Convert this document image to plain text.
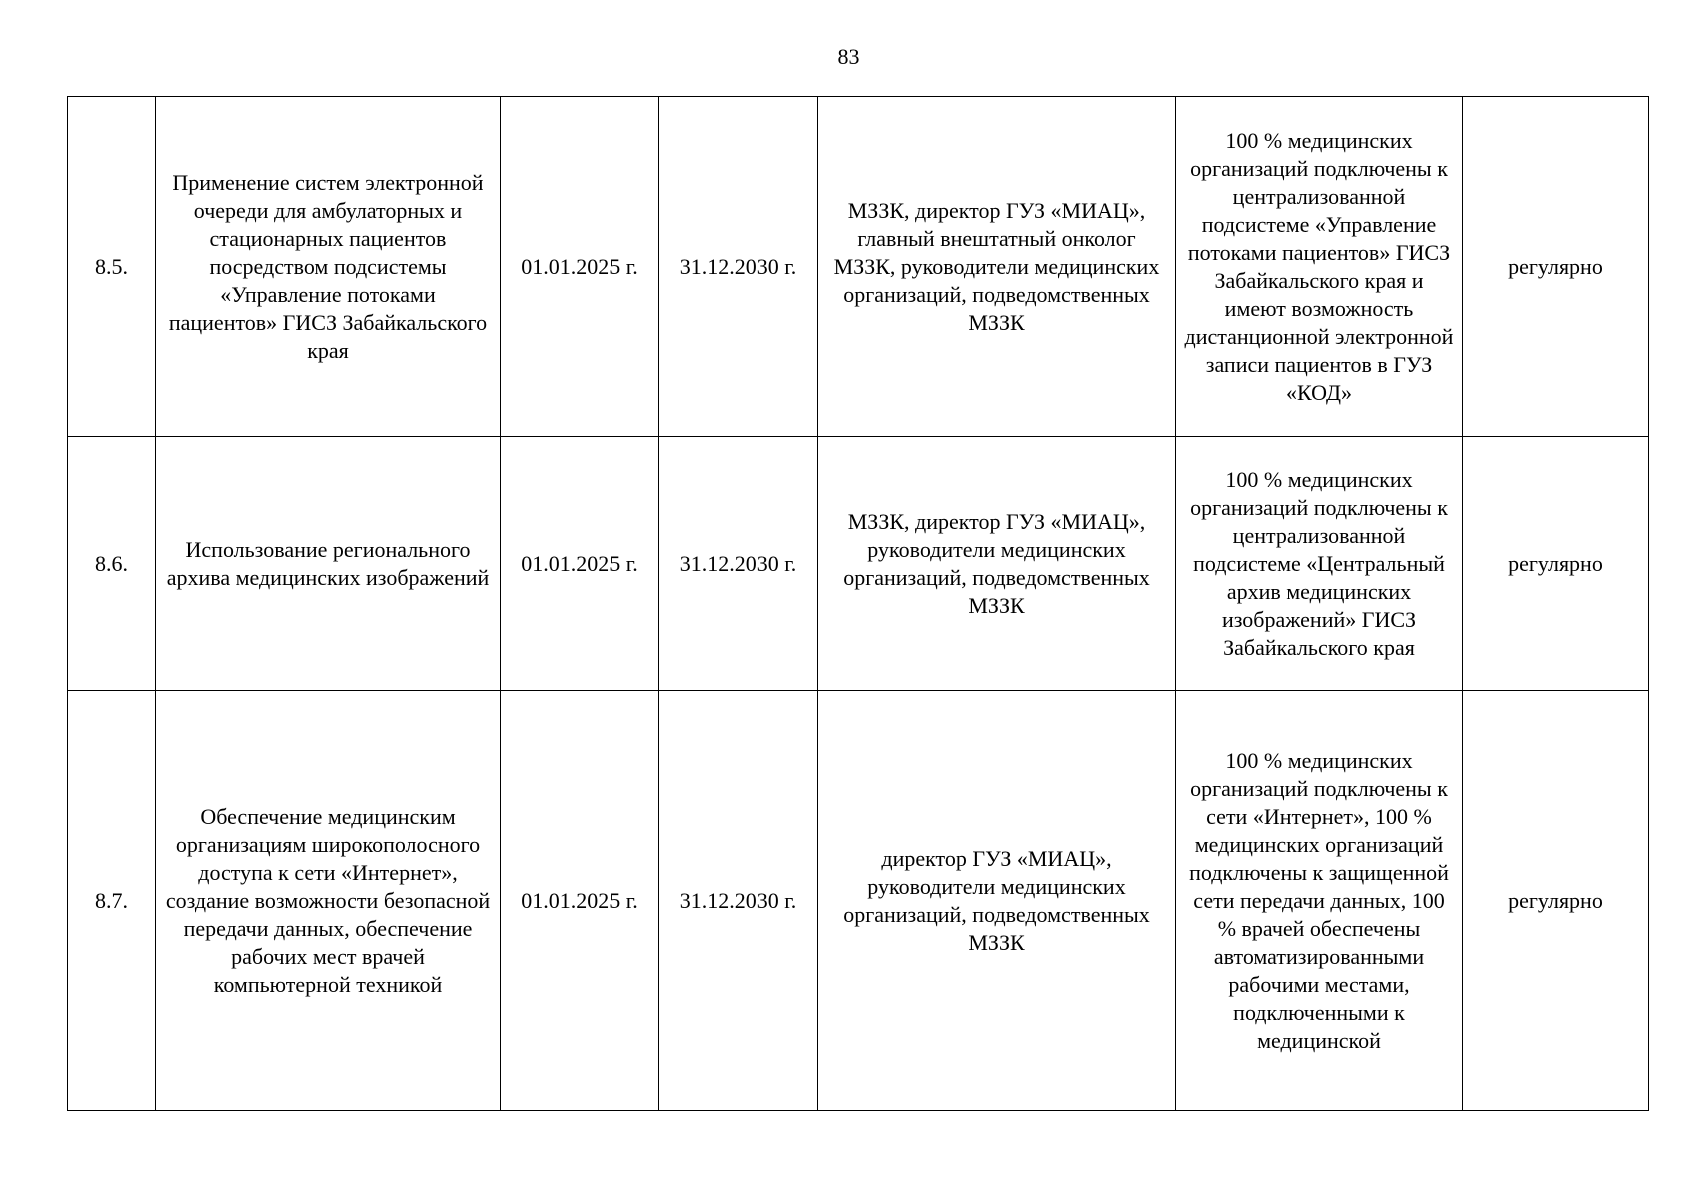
83
8.5.	Применение систем электронной очереди для амбулаторных и стационарных пациентов посредством подсистемы «Управление потоками пациентов» ГИСЗ Забайкальского края	01.01.2025 г.	31.12.2030 г.	МЗЗК, директор ГУЗ «МИАЦ», главный внештатный онколог МЗЗК, руководители медицинских организаций, подведомственных МЗЗК	100 % медицинских организаций подключены к централизованной подсистеме «Управление потоками пациентов» ГИСЗ Забайкальского края и имеют возможность дистанционной электронной записи пациентов в ГУЗ «КОД»	регулярно
8.6.	Использование регионального архива медицинских изображений	01.01.2025 г.	31.12.2030 г.	МЗЗК, директор ГУЗ «МИАЦ», руководители медицинских организаций, подведомственных МЗЗК	100 % медицинских организаций подключены к централизованной подсистеме «Центральный архив медицинских изображений» ГИСЗ Забайкальского края	регулярно
8.7.	Обеспечение медицинским организациям широкополосного доступа к сети «Интернет», создание возможности безопасной передачи данных, обеспечение рабочих мест врачей компьютерной техникой	01.01.2025 г.	31.12.2030 г.	директор ГУЗ «МИАЦ», руководители медицинских организаций, подведомственных МЗЗК	100 % медицинских организаций подключены к сети «Интернет», 100 % медицинских организаций подключены к защищенной сети передачи данных, 100 % врачей обеспечены автоматизированными рабочими местами, подключенными к медицинской	регулярно
